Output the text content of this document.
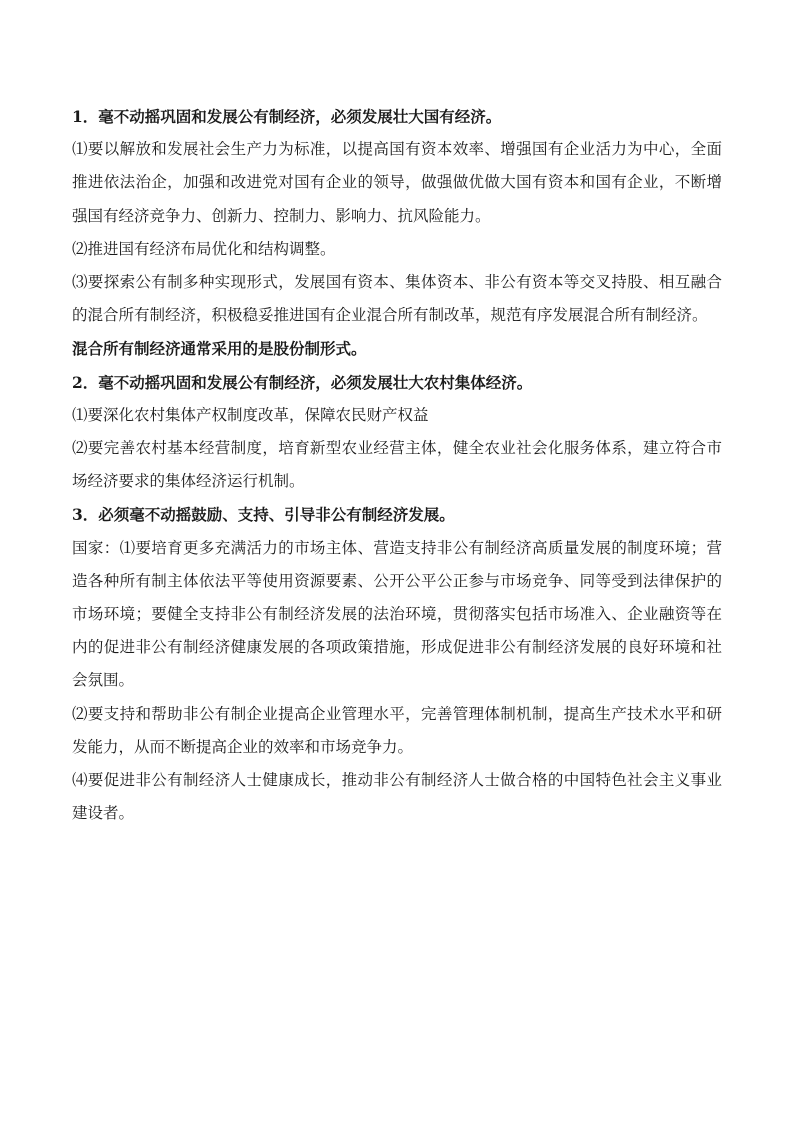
1．毫不动摇巩固和发展公有制经济，必须发展壮大国有经济。

⑴要以解放和发展社会生产力为标准，以提高国有资本效率、增强国有企业活力为中心，全面推进依法治企，加强和改进党对国有企业的领导，做强做优做大国有资本和国有企业，不断增强国有经济竞争力、创新力、控制力、影响力、抗风险能力。

⑵推进国有经济布局优化和结构调整。

⑶要探索公有制多种实现形式，发展国有资本、集体资本、非公有资本等交叉持股、相互融合的混合所有制经济，积极稳妥推进国有企业混合所有制改革，规范有序发展混合所有制经济。

混合所有制经济通常采用的是股份制形式。

2．毫不动摇巩固和发展公有制经济，必须发展壮大农村集体经济。

⑴要深化农村集体产权制度改革，保障农民财产权益

⑵要完善农村基本经营制度，培育新型农业经营主体，健全农业社会化服务体系，建立符合市场经济要求的集体经济运行机制。

3．必须毫不动摇鼓励、支持、引导非公有制经济发展。

国家：⑴要培育更多充满活力的市场主体、营造支持非公有制经济高质量发展的制度环境；营造各种所有制主体依法平等使用资源要素、公开公平公正参与市场竞争、同等受到法律保护的市场环境；要健全支持非公有制经济发展的法治环境，贯彻落实包括市场准入、企业融资等在内的促进非公有制经济健康发展的各项政策措施，形成促进非公有制经济发展的良好环境和社会氛围。

⑵要支持和帮助非公有制企业提高企业管理水平，完善管理体制机制，提高生产技术水平和研发能力，从而不断提高企业的效率和市场竞争力。

⑷要促进非公有制经济人士健康成长，推动非公有制经济人士做合格的中国特色社会主义事业建设者。
